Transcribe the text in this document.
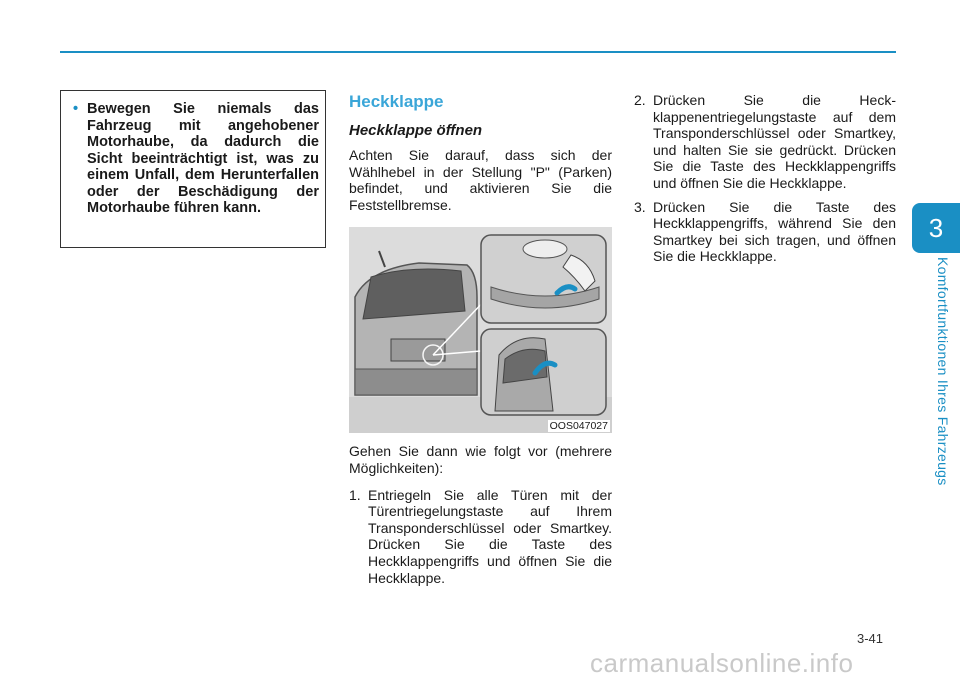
3
Komfortfunktionen Ihres Fahrzeugs
• Bewegen Sie niemals das Fahrzeug mit angehobener Motorhaube, da dadurch die Sicht beeinträchtigt ist, was zu einem Unfall, dem Herunterfallen oder der Beschädigung der Motorhaube führen kann.
Heckklappe
Heckklappe öffnen

Achten Sie darauf, dass sich der Wählhebel in der Stellung "P" (Parken) befindet, und aktivieren Sie die Feststellbremse.

OOS047027

Gehen Sie dann wie folgt vor (mehrere Möglichkeiten):

1. Entriegeln Sie alle Türen mit der Türentriegelungstaste auf Ihrem Transponderschlüssel oder Smartkey. Drücken Sie die Taste des Heckklappengriffs und öffnen Sie die Heckklappe.
2. Drücken Sie die Heckklappenentriegelungstaste auf dem Transponderschlüssel oder Smartkey, und halten Sie sie gedrückt. Drücken Sie die Taste des Heckklappengriffs und öffnen Sie die Heckklappe.
3. Drücken Sie die Taste des Heckklappengriffs, während Sie den Smartkey bei sich tragen, und öffnen Sie die Heckklappe.
3-41
carmanualsonline.info
